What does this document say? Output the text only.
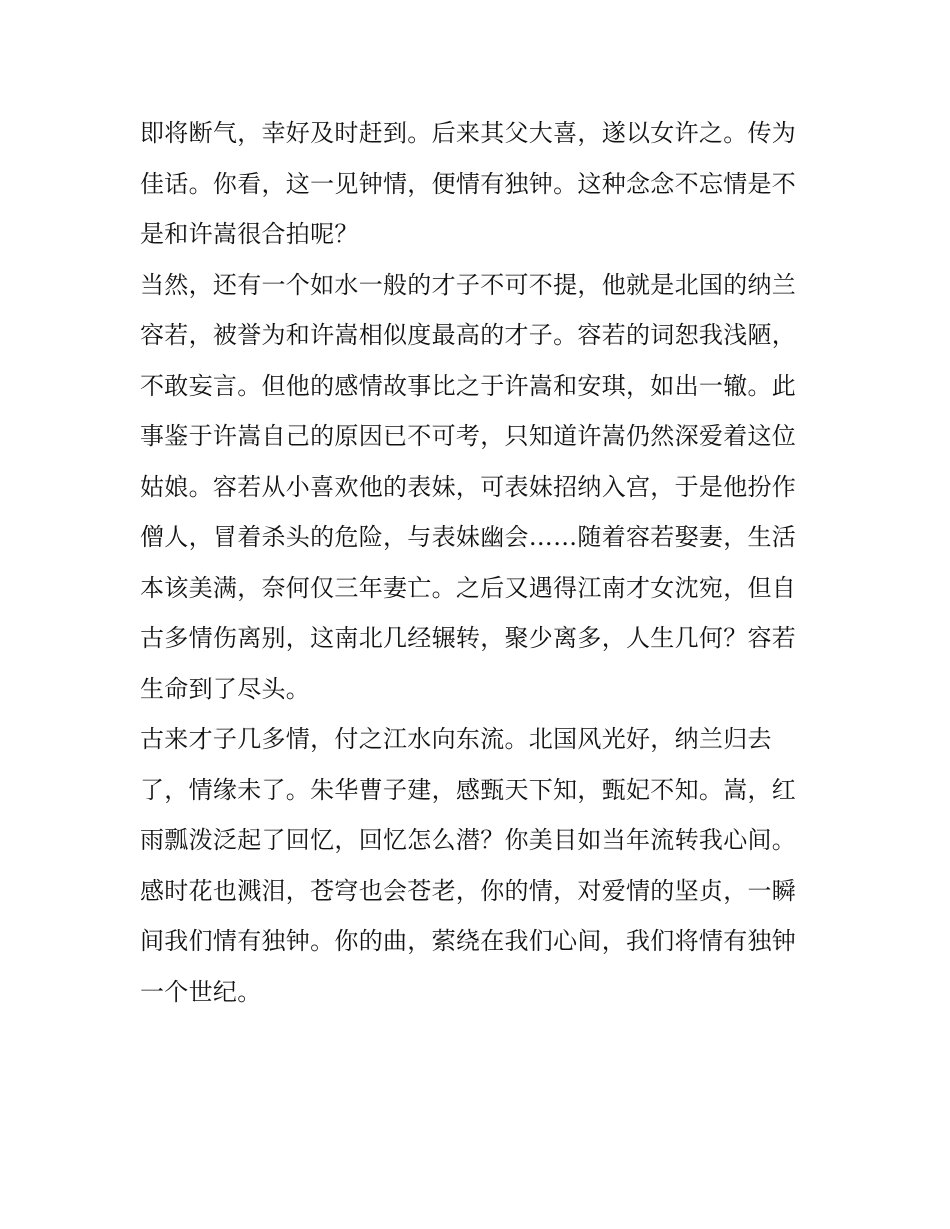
即将断气，幸好及时赶到。后来其父大喜，遂以女许之。传为
佳话。你看，这一见钟情，便情有独钟。这种念念不忘情是不
是和许嵩很合拍呢？
当然，还有一个如水一般的才子不可不提，他就是北国的纳兰
容若，被誉为和许嵩相似度最高的才子。容若的词恕我浅陋，
不敢妄言。但他的感情故事比之于许嵩和安琪，如出一辙。此
事鉴于许嵩自己的原因已不可考，只知道许嵩仍然深爱着这位
姑娘。容若从小喜欢他的表妹，可表妹招纳入宫，于是他扮作
僧人，冒着杀头的危险，与表妹幽会……随着容若娶妻，生活
本该美满，奈何仅三年妻亡。之后又遇得江南才女沈宛，但自
古多情伤离别，这南北几经辗转，聚少离多，人生几何？容若
生命到了尽头。
古来才子几多情，付之江水向东流。北国风光好，纳兰归去
了，情缘未了。朱华曹子建，感甄天下知，甄妃不知。嵩，红
雨瓢泼泛起了回忆，回忆怎么潜？你美目如当年流转我心间。
感时花也溅泪，苍穹也会苍老，你的情，对爱情的坚贞，一瞬
间我们情有独钟。你的曲，萦绕在我们心间，我们将情有独钟
一个世纪。
